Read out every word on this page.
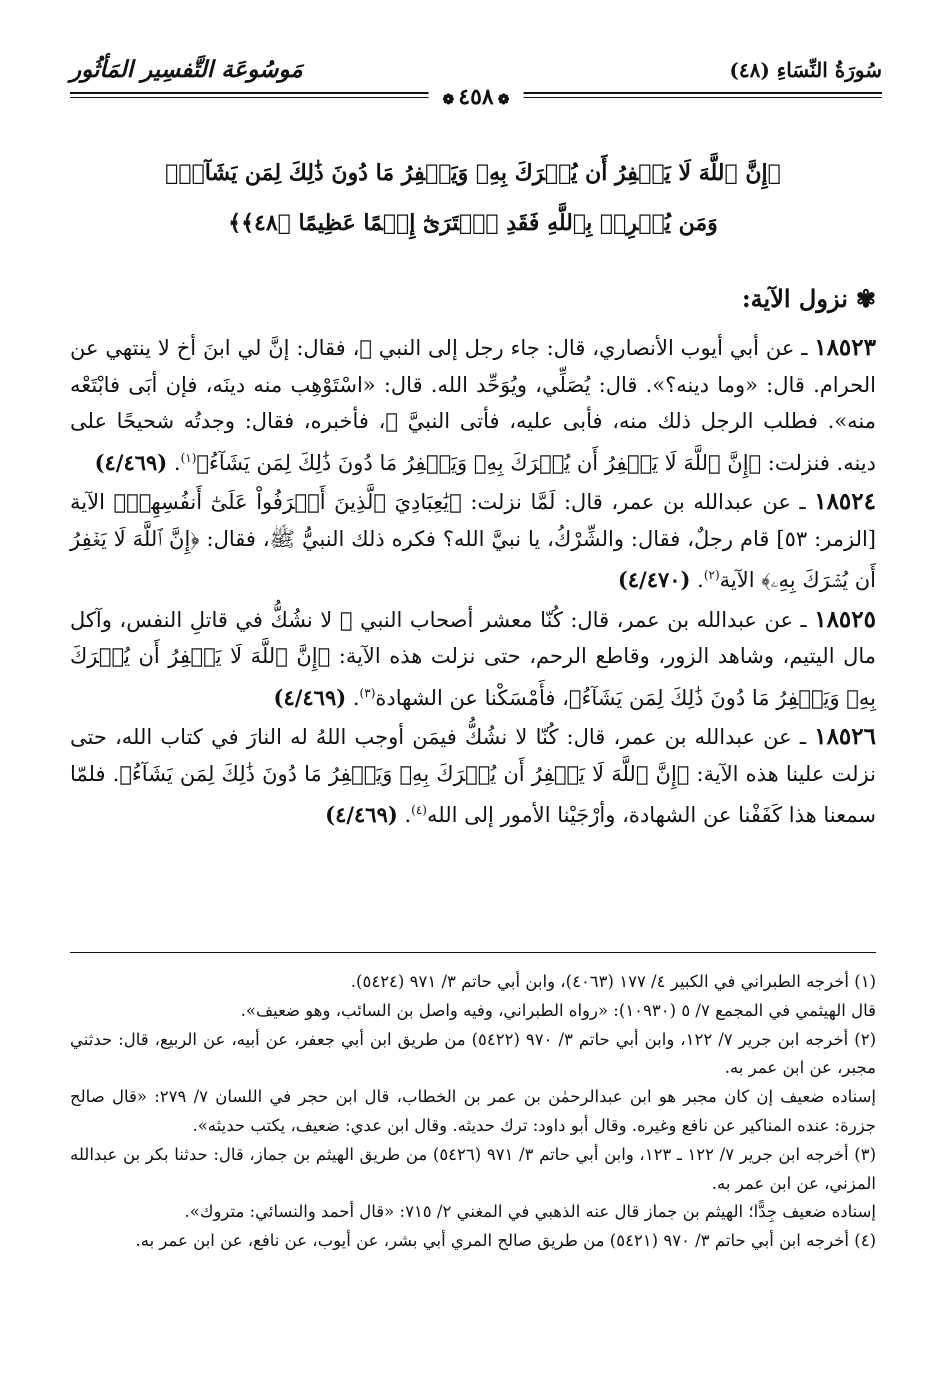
سُورَةُ النِّسَاءِ (٤٨)
مَوسُوعَة التَّفسِير المَأثُور
❁٤٥٨❁
﴿إِنَّ ٱللَّهَ لَا يَغۡفِرُ أَن يُشۡرَكَ بِهِۦ وَيَغۡفِرُ مَا دُونَ ذَٰلِكَ لِمَن يَشَآءُۚ
وَمَن يُشۡرِكۡ بِٱللَّهِ فَقَدِ ٱفۡتَرَىٰٓ إِثۡمًا عَظِيمًا ﴿٤٨﴾﴾
✾نزول الآية:

١٨٥٢٣ ـ عن أبي أيوب الأنصاري، قال: جاء رجل إلى النبي ﷺ، فقال: إنَّ لي ابنَ أخ لا ينتهي عن الحرام. قال: «وما دينه؟». قال: يُصَلِّي، ويُوَحِّد الله. قال: «اسْتَوْهِب منه دينَه، فإن أبَى فابْتَعْه منه». فطلب الرجل ذلك منه، فأبى عليه، فأتى النبيَّ ﷺ، فأخبره، فقال: وجدتُه شحيحًا على دينه. فنزلت: ﴿إِنَّ ٱللَّهَ لَا يَغۡفِرُ أَن يُشۡرَكَ بِهِۦ وَيَغۡفِرُ مَا دُونَ ذَٰلِكَ لِمَن يَشَآءُ﴾$^{(١)}$. (٤/٤٦٩)

١٨٥٢٤ ـ عن عبدالله بن عمر، قال: لَمَّا نزلت: ﴿يَٰعِبَادِيَ ٱلَّذِينَ أَسۡرَفُواْ عَلَىٰٓ أَنفُسِهِمۡ﴾ الآية [الزمر: ٥٣] قام رجلٌ، فقال: والشِّرْكُ، يا نبيَّ الله؟ فكره ذلك النبيُّ ﷺ، فقال: ﴿إِنَّ ٱللَّهَ لَا يَغۡفِرُ أَن يُشۡرَكَ بِهِۦ﴾ الآية$^{(٢)}$. (٤/٤٧٠)

١٨٥٢٥ ـ عن عبدالله بن عمر، قال: كُنّا معشر أصحاب النبي ﷺ لا نشُكُّ في قاتلِ النفس، وآكل مال اليتيم، وشاهد الزور، وقاطع الرحم، حتى نزلت هذه الآية: ﴿إِنَّ ٱللَّهَ لَا يَغۡفِرُ أَن يُشۡرَكَ بِهِۦ وَيَغۡفِرُ مَا دُونَ ذَٰلِكَ لِمَن يَشَآءُ﴾، فأَمْسَكْنا عن الشهادة$^{(٣)}$. (٤/٤٦٩)

١٨٥٢٦ ـ عن عبدالله بن عمر، قال: كُنّا لا نشُكُّ فيمَن أوجب اللهُ له النارَ في كتاب الله، حتى نزلت علينا هذه الآية: ﴿إِنَّ ٱللَّهَ لَا يَغۡفِرُ أَن يُشۡرَكَ بِهِۦ وَيَغۡفِرُ مَا دُونَ ذَٰلِكَ لِمَن يَشَآءُ﴾. فلمّا سمعنا هذا كَفَفْنا عن الشهادة، وأرْجَيْنا الأمور إلى الله$^{(٤)}$. (٤/٤٦٩)

(١) أخرجه الطبراني في الكبير ٤/ ١٧٧ (٤٠٦٣)، وابن أبي حاتم ٣/ ٩٧١ (٥٤٢٤).

قال الهيثمي في المجمع ٧/ ٥ (١٠٩٣٠): «رواه الطبراني، وفيه واصل بن السائب، وهو ضعيف».

(٢) أخرجه ابن جرير ٧/ ١٢٢، وابن أبي حاتم ٣/ ٩٧٠ (٥٤٢٢) من طريق ابن أبي جعفر، عن أبيه، عن الربيع، قال: حدثني مجبر، عن ابن عمر به.

إسناده ضعيف إن كان مجبر هو ابن عبدالرحمٰن بن عمر بن الخطاب، قال ابن حجر في اللسان ٧/ ٢٧٩: «قال صالح جزرة: عنده المناكير عن نافع وغيره. وقال أبو داود: ترك حديثه. وقال ابن عدي: ضعيف، يكتب حديثه».

(٣) أخرجه ابن جرير ٧/ ١٢٢ ـ ١٢٣، وابن أبي حاتم ٣/ ٩٧١ (٥٤٢٦) من طريق الهيثم بن جماز، قال: حدثنا بكر بن عبدالله المزني، عن ابن عمر به.

إسناده ضعيف جِدًّا؛ الهيثم بن جماز قال عنه الذهبي في المغني ٢/ ٧١٥: «قال أحمد والنسائي: متروك».

(٤) أخرجه ابن أبي حاتم ٣/ ٩٧٠ (٥٤٢١) من طريق صالح المري أبي بشر، عن أيوب، عن نافع، عن ابن عمر به.
